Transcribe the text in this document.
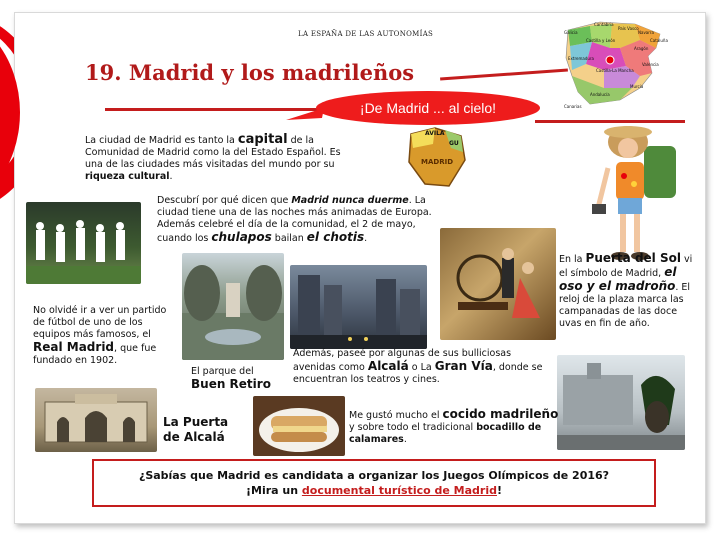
LA ESPAÑA DE LAS AUTONOMÍAS
19. Madrid y los madrileños
¡De Madrid ... al cielo!
Galicia
Cantabria
País Vasco
Navarra
Castilla y León
Aragón
Cataluña
Extremadura
Castilla-La Mancha
Valencia
Andalucía
Murcia
Canarias
La ciudad de Madrid es tanto la capital de la Comunidad de Madrid como la del Estado Español. Es una de las ciudades más visitadas del mundo por su riqueza cultural.
AVILA
GU
MADRID
Descubrí por qué dicen que Madrid nunca duerme. La ciudad tiene una de las noches más animadas de Europa. Además celebré el día de la comunidad, el 2 de mayo, cuando los chulapos bailan el chotis.
En la Puerta del Sol vi el símbolo de Madrid, el oso y el madroño. El reloj de la plaza marca las campanadas de las doce uvas en fin de año.
No olvidé ir a ver un partido de fútbol de uno de los equipos más famosos, el Real Madrid, que fue fundado en 1902.
El parque del
Buen Retiro
Además, paseé por algunas de sus bulliciosas avenidas como Alcalá o La Gran Vía, donde se encuentran los teatros y cines.
La Puerta de Alcalá
Me gustó mucho el cocido madrileño y sobre todo el tradicional bocadillo de calamares.
¿Sabías que Madrid es candidata a organizar los Juegos Olímpicos de 2016?
¡Mira un documental turístico de Madrid!
